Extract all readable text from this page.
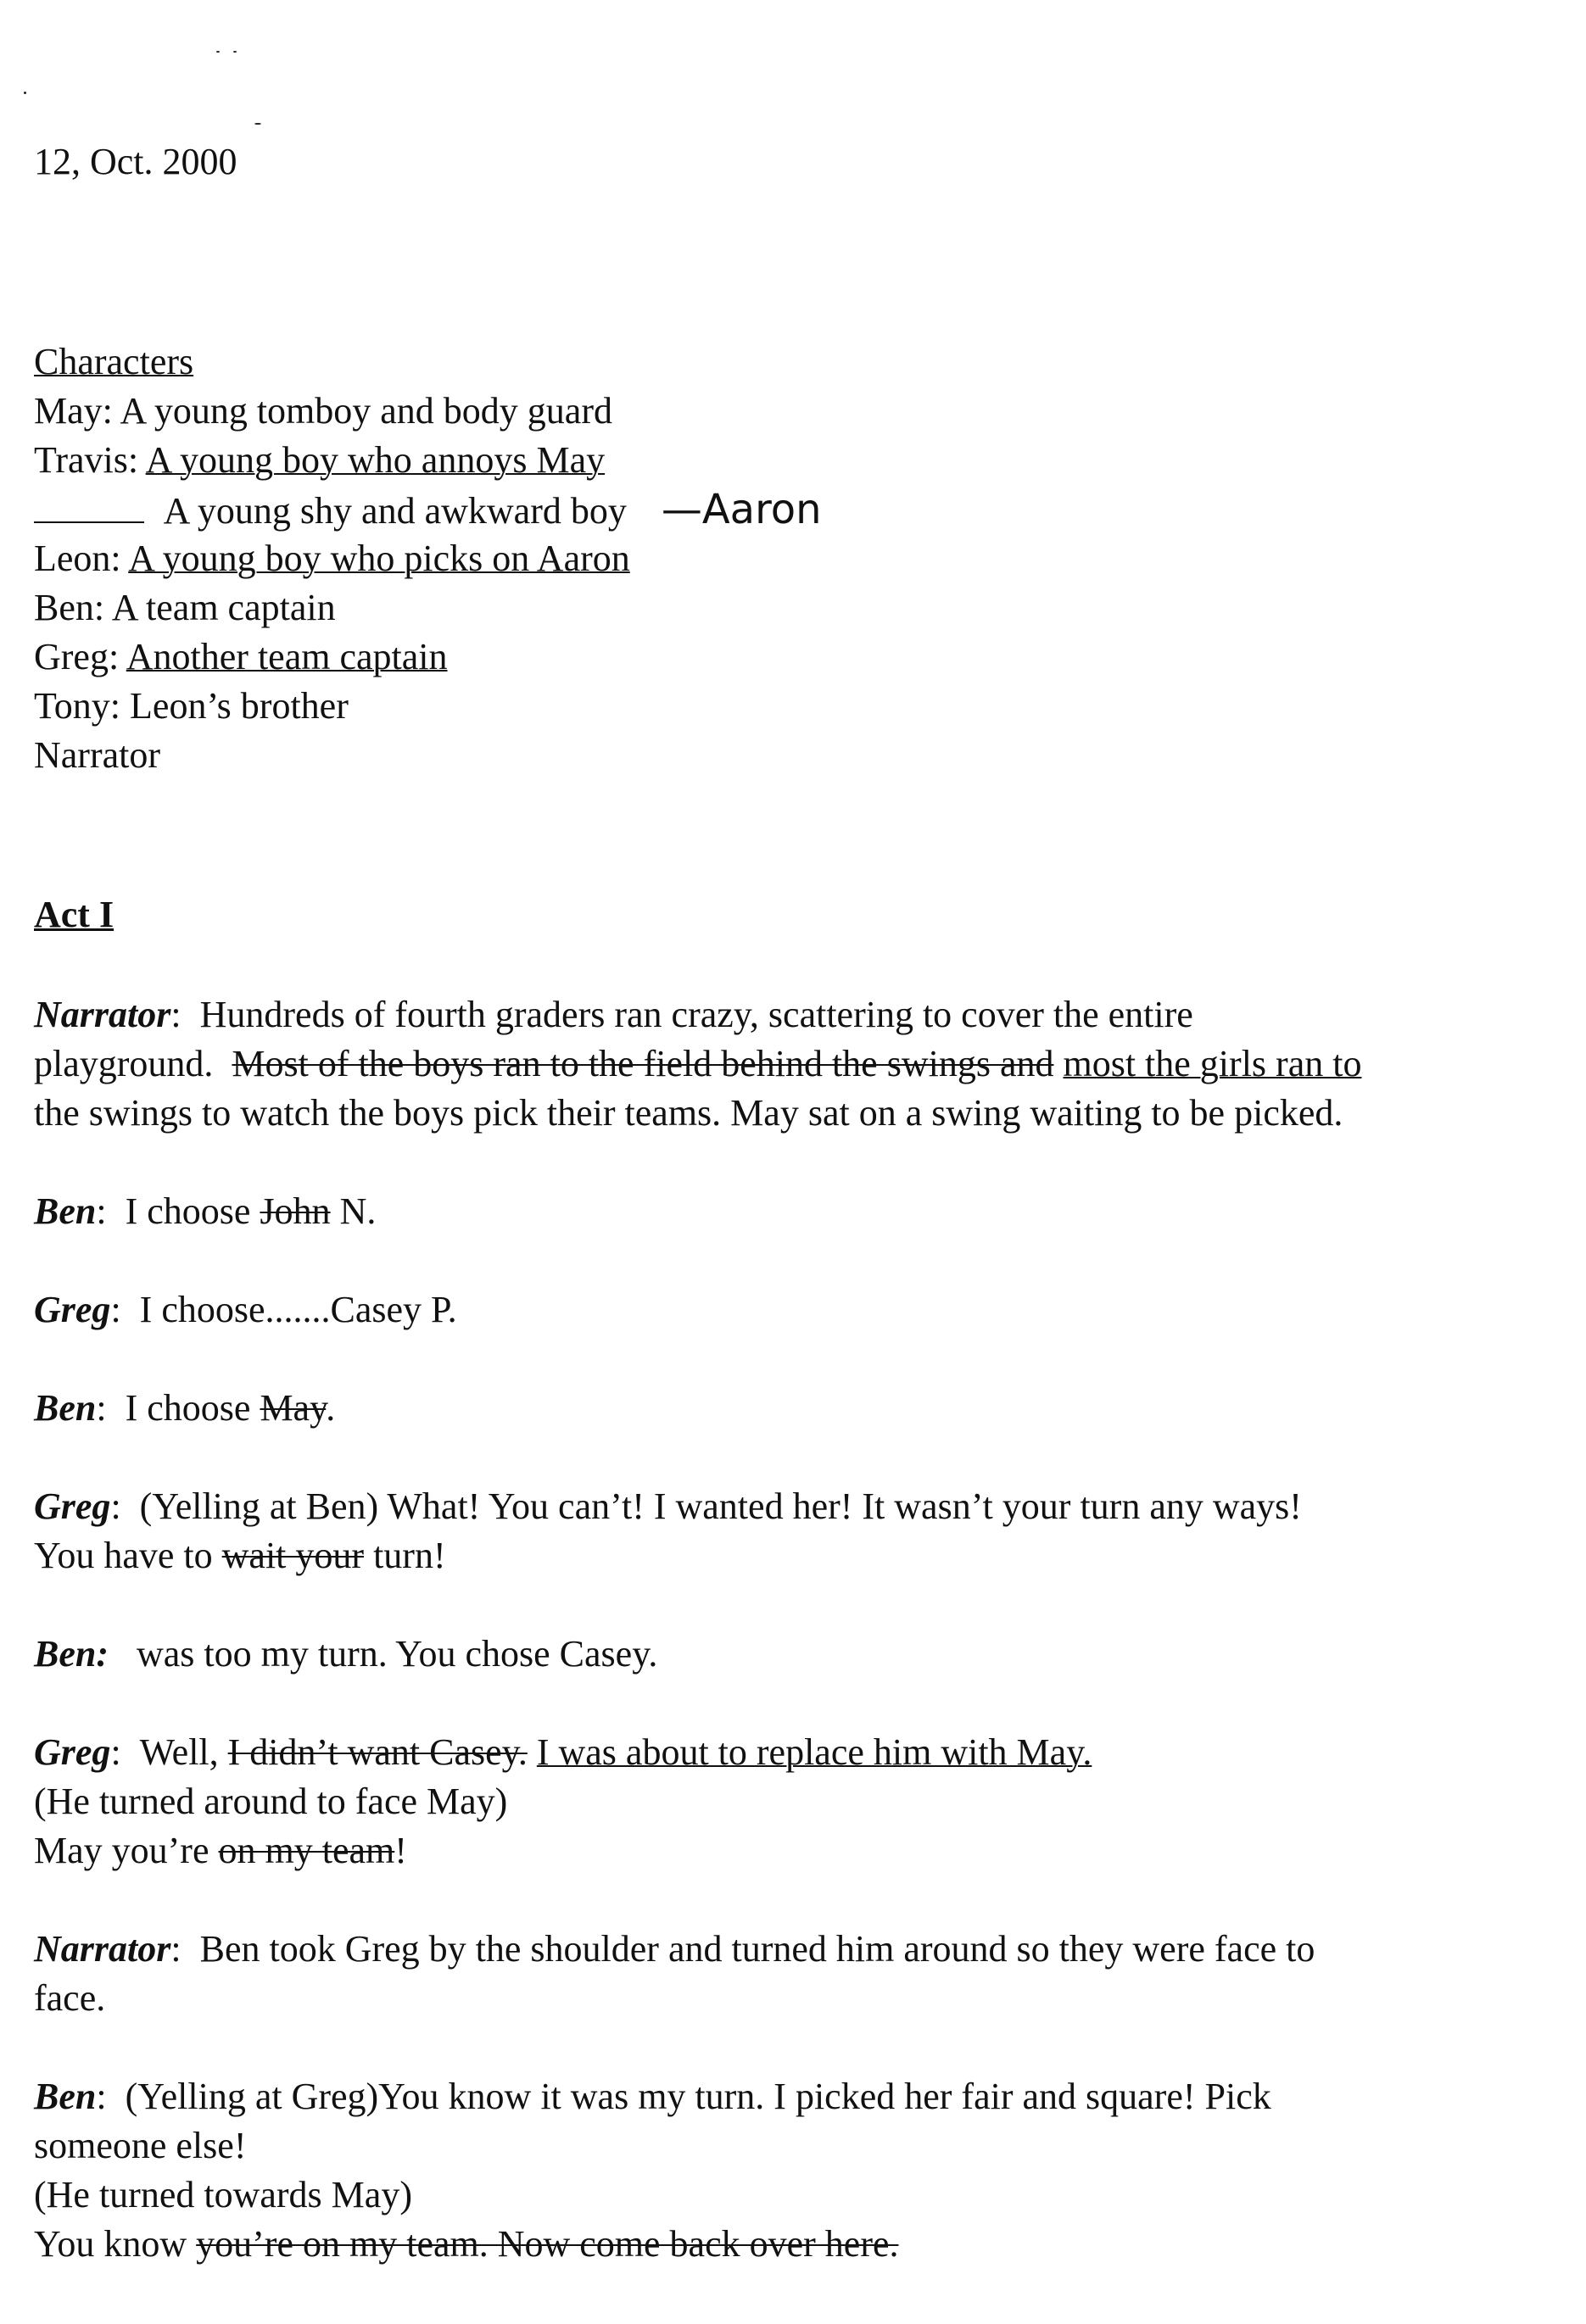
12, Oct. 2000
Characters
May: A young tomboy and body guard
Travis: A young boy who annoys May
A young shy and awkward boy —Aaron
Leon: A young boy who picks on Aaron
Ben: A team captain
Greg: Another team captain
Tony: Leon’s brother
Narrator
Act I
Narrator:  Hundreds of fourth graders ran crazy, scattering to cover the entire
playground. Most of the boys ran to the field behind the swings and most the girls ran to
the swings to watch the boys pick their teams. May sat on a swing waiting to be picked.
Ben:  I choose John N.
Greg:  I choose.......Casey P.
Ben:  I choose May.
Greg:  (Yelling at Ben) What! You can’t! I wanted her! It wasn’t your turn any ways!
You have to wait your turn!
Ben: was too my turn. You chose Casey.
Greg:  Well, I didn’t want Casey. I was about to replace him with May.
(He turned around to face May)
May you’re on my team!
Narrator:  Ben took Greg by the shoulder and turned him around so they were face to
face.
Ben:  (Yelling at Greg)You know it was my turn. I picked her fair and square! Pick
someone else!
(He turned towards May)
You know you’re on my team. Now come back over here.
